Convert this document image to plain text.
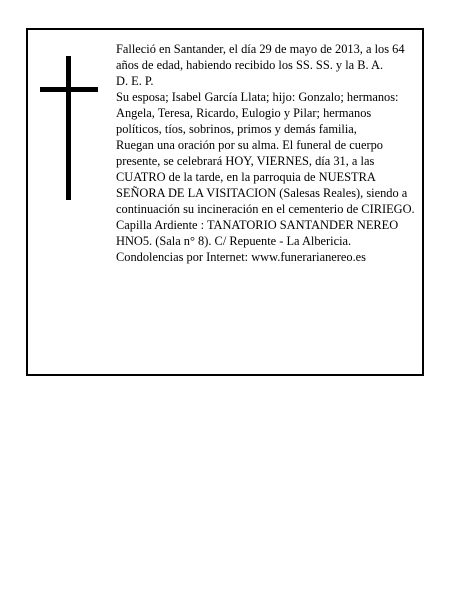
Falleció en Santander, el día 29 de mayo de 2013, a los 64 años de edad, habiendo recibido los SS. SS. y la B. A.

D. E. P.

Su esposa; Isabel García Llata; hijo: Gonzalo; hermanos: Angela, Teresa, Ricardo, Eulogio y Pilar; hermanos políticos, tíos, sobrinos, primos y demás familia,

Ruegan una oración por su alma. El funeral de cuerpo presente, se celebrará HOY, VIERNES, día 31, a las CUATRO de la tarde, en la parroquia de NUESTRA SEÑORA DE LA VISITACION (Salesas Reales), siendo a continuación su incineración en el cementerio de CIRIEGO. Capilla Ardiente : TANATORIO SANTANDER NEREO HNO5. (Sala n° 8). C/ Repuente - La Albericia.

Condolencias por Internet: www.funerarianereo.es
